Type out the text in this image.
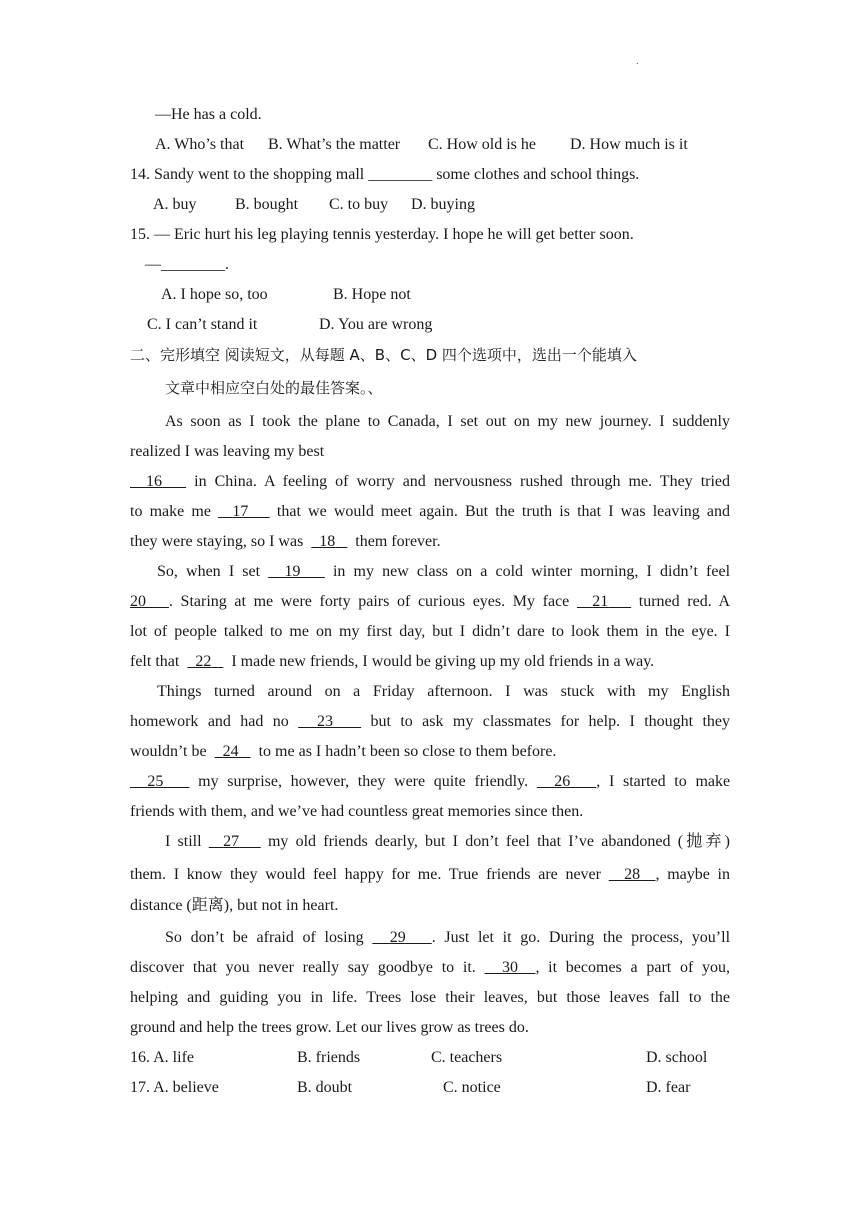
.
—He has a cold.
A. Who’s that B. What’s the matter C. How old is he D. How much is it
14. Sandy went to the shopping mall ________ some clothes and school things.
A. buy B. bought C. to buy D. buying
15. — Eric hurt his leg playing tennis yesterday. I hope he will get better soon.
—________.
A. I hope so, too	B. Hope not
C. I can’t stand it	D. You are wrong
二、完形填空 阅读短文，从每题 A、B、C、D 四个选项中，选出一个能填入
文章中相应空白处的最佳答案。、
As soon as I took the plane to Canada, I set out on my new journey. I suddenly
realized I was leaving my best
16 in China. A feeling of worry and nervousness rushed through me. They tried
to make me 17 that we would meet again. But the truth is that I was leaving and
they were staying, so I was 18 them forever.
So, when I set 19 in my new class on a cold winter morning, I didn’t feel
20 . Staring at me were forty pairs of curious eyes. My face 21 turned red. A
lot of people talked to me on my first day, but I didn’t dare to look them in the eye. I
felt that 22 I made new friends, I would be giving up my old friends in a way.
Things turned around on a Friday afternoon. I was stuck with my English
homework and had no 23 but to ask my classmates for help. I thought they
wouldn’t be 24 to me as I hadn’t been so close to them before.
25 my surprise, however, they were quite friendly. 26 , I started to make
friends with them, and we’ve had countless great memories since then.
I still 27 my old friends dearly, but I don’t feel that I’ve abandoned (抛弃)
them. I know they would feel happy for me. True friends are never 28 , maybe in
distance (距离), but not in heart.
So don’t be afraid of losing 29 . Just let it go. During the process, you’ll
discover that you never really say goodbye to it. 30 , it becomes a part of you,
helping and guiding you in life. Trees lose their leaves, but those leaves fall to the
ground and help the trees grow. Let our lives grow as trees do.
16. A. life	B. friends	C. teachers	D. school
17. A. believe	B. doubt	C. notice	D. fear
